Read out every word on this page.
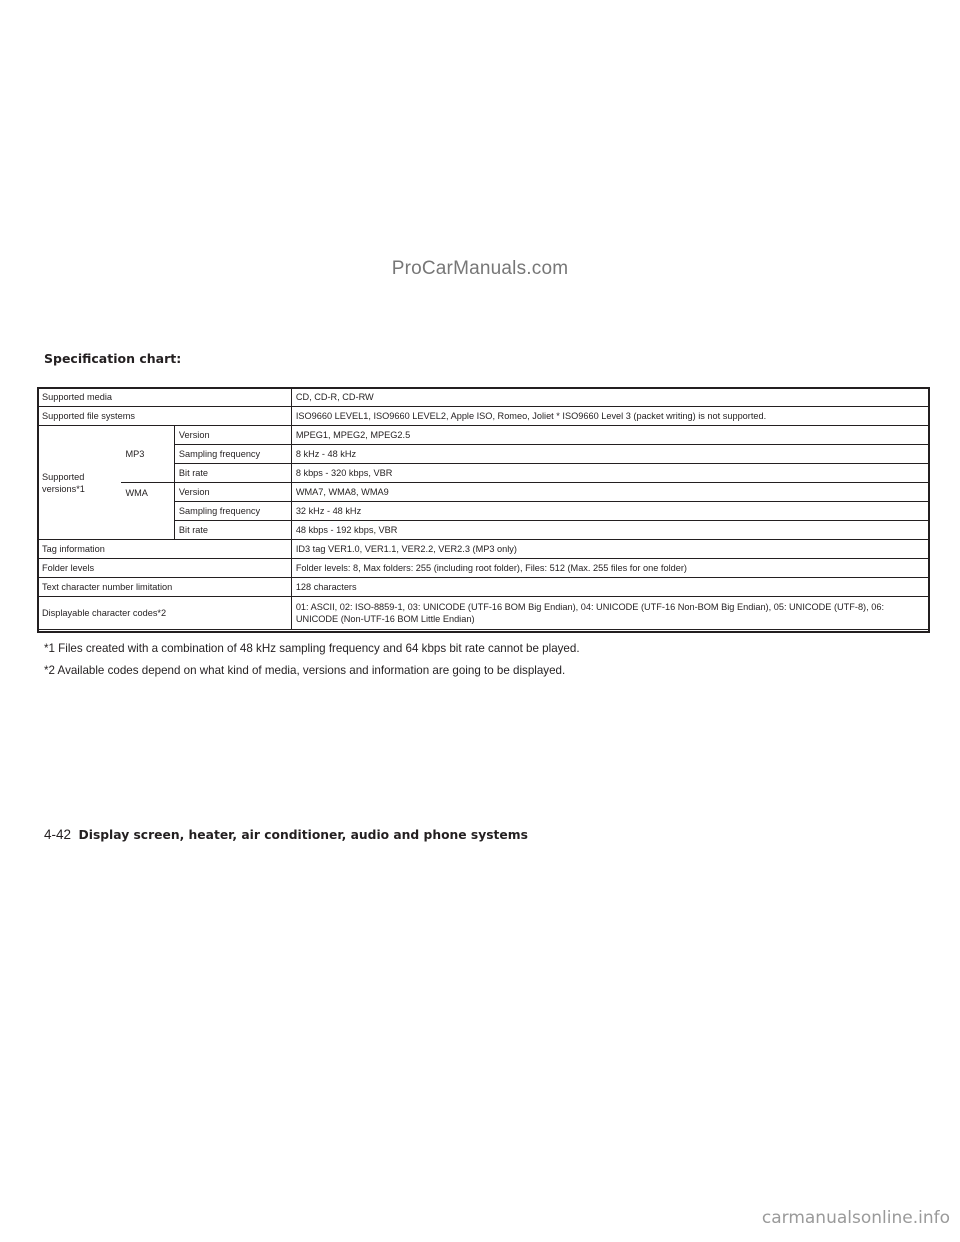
ProCarManuals.com
Specification chart:
Supported media			CD, CD-R, CD-RW
Supported file systems			ISO9660 LEVEL1, ISO9660 LEVEL2, Apple ISO, Romeo, Joliet * ISO9660 Level 3 (packet writing) is not supported.
Supported versions*1	MP3	Version	MPEG1, MPEG2, MPEG2.5
		Sampling frequency	8 kHz - 48 kHz
		Bit rate	8 kbps - 320 kbps, VBR
	WMA	Version	WMA7, WMA8, WMA9
		Sampling frequency	32 kHz - 48 kHz
		Bit rate	48 kbps - 192 kbps, VBR
Tag information			ID3 tag VER1.0, VER1.1, VER2.2, VER2.3 (MP3 only)
Folder levels			Folder levels: 8, Max folders: 255 (including root folder), Files: 512 (Max. 255 files for one folder)
Text character number limitation			128 characters
Displayable character codes*2			01: ASCII, 02: ISO-8859-1, 03: UNICODE (UTF-16 BOM Big Endian), 04: UNICODE (UTF-16 Non-BOM Big Endian), 05: UNICODE (UTF-8), 06: UNICODE (Non-UTF-16 BOM Little Endian)
*1 Files created with a combination of 48 kHz sampling frequency and 64 kbps bit rate cannot be played.
*2 Available codes depend on what kind of media, versions and information are going to be displayed.
4-42 Display screen, heater, air conditioner, audio and phone systems
carmanualsonline.info
